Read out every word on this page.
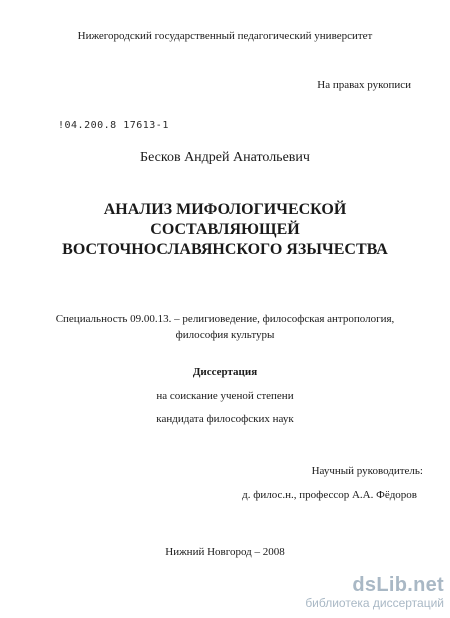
Нижегородский государственный педагогический университет
На правах рукописи
!04.200.8 17613-1
Бесков Андрей Анатольевич
АНАЛИЗ МИФОЛОГИЧЕСКОЙ
СОСТАВЛЯЮЩЕЙ
ВОСТОЧНОСЛАВЯНСКОГО ЯЗЫЧЕСТВА
Специальность 09.00.13. – религиоведение, философская антропология,
философия культуры
Диссертация
на соискание ученой степени
кандидата философских наук
Научный руководитель:
д. филос.н., профессор А.А. Фёдоров
Нижний Новгород – 2008
dsLib.net
библиотека диссертаций
